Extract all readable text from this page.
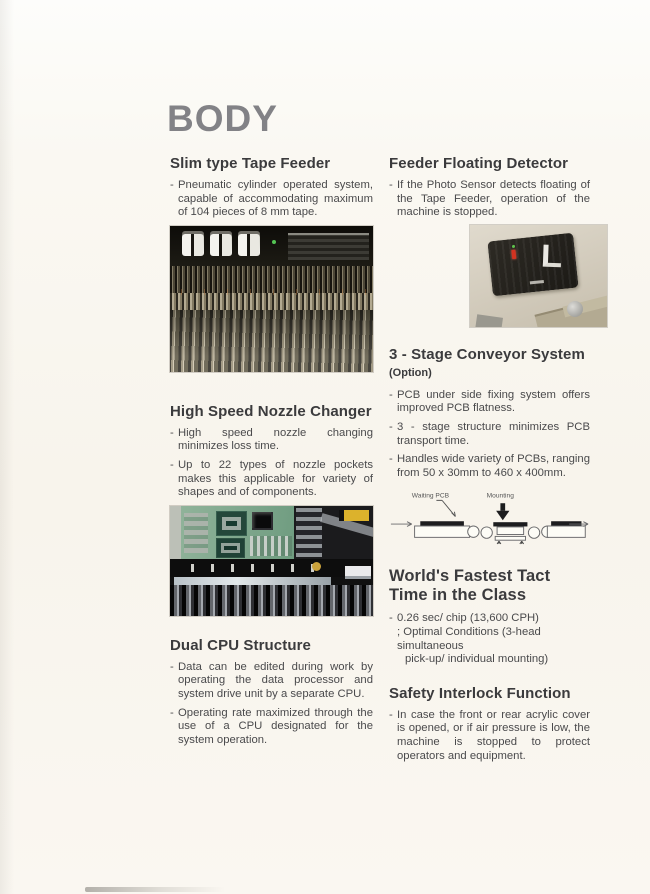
BODY
Slim type Tape Feeder
- Pneumatic cylinder operated system, capable of accommodating maximum of 104 pieces of 8 mm tape.

High Speed Nozzle Changer
- High speed nozzle changing minimizes loss time.

- Up to 22 types of nozzle pockets makes this applicable for variety of shapes and of components.

Dual CPU Structure
- Data can be edited during work by operating the data processor and system drive unit by a separate CPU.

- Operating rate maximized through the use of a CPU designated for the system operation.

Feeder Floating Detector
- If the Photo Sensor detects floating of the Tape Feeder, operation of the machine is stopped.

3 - Stage Conveyor System (Option)
- PCB under side fixing system offers improved PCB flatness.

- 3 - stage structure minimizes PCB transport time.

- Handles wide variety of PCBs, ranging from 50 x 30mm to 460 x 400mm.

Waiting PCB	Mounting
World's Fastest Tact Time in the Class
- 0.26 sec/ chip (13,600 CPH)

; Optimal Conditions (3-head simultaneous

pick-up/ individual mounting)

Safety Interlock Function
- In case the front or rear acrylic cover is opened, or if air pressure is low, the machine is stopped to protect operators and equipment.
